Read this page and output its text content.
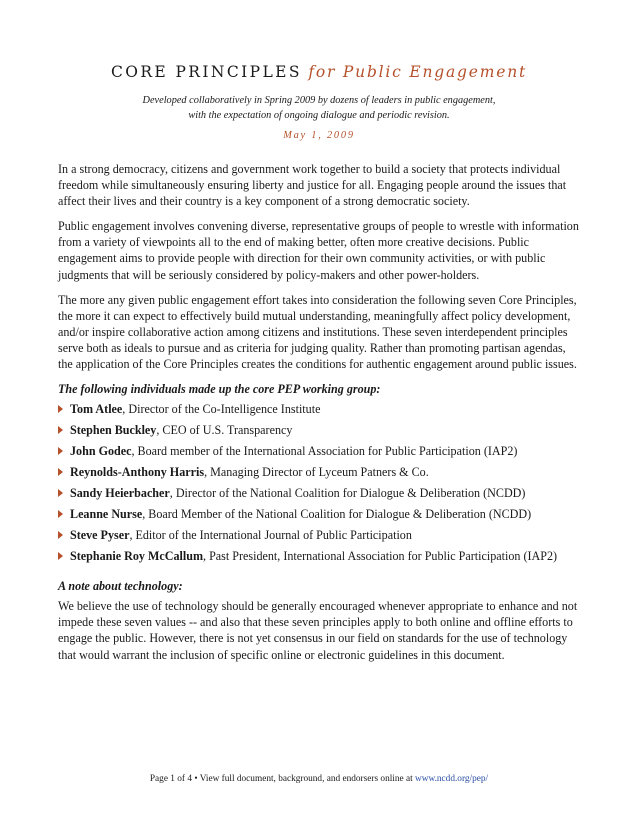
CORE PRINCIPLES for Public Engagement
Developed collaboratively in Spring 2009 by dozens of leaders in public engagement,
with the expectation of ongoing dialogue and periodic revision.
May 1, 2009

In a strong democracy, citizens and government work together to build a society that protects individual freedom while simultaneously ensuring liberty and justice for all. Engaging people around the issues that affect their lives and their country is a key component of a strong democratic society.

Public engagement involves convening diverse, representative groups of people to wrestle with information from a variety of viewpoints all to the end of making better, often more creative decisions. Public engagement aims to provide people with direction for their own community activities, or with public judgments that will be seriously considered by policy-makers and other power-holders.

The more any given public engagement effort takes into consideration the following seven Core Principles, the more it can expect to effectively build mutual understanding, meaningfully affect policy development, and/or inspire collaborative action among citizens and institutions. These seven interdependent principles serve both as ideals to pursue and as criteria for judging quality. Rather than promoting partisan agendas, the application of the Core Principles creates the conditions for authentic engagement around public issues.

The following individuals made up the core PEP working group:

Tom Atlee, Director of the Co-Intelligence Institute
Stephen Buckley, CEO of U.S. Transparency
John Godec, Board member of the International Association for Public Participation (IAP2)
Reynolds-Anthony Harris, Managing Director of Lyceum Patners & Co.
Sandy Heierbacher, Director of the National Coalition for Dialogue & Deliberation (NCDD)
Leanne Nurse, Board Member of the National Coalition for Dialogue & Deliberation (NCDD)
Steve Pyser, Editor of the International Journal of Public Participation
Stephanie Roy McCallum, Past President, International Association for Public Participation (IAP2)

A note about technology:

We believe the use of technology should be generally encouraged whenever appropriate to enhance and not impede these seven values -- and also that these seven principles apply to both online and offline efforts to engage the public. However, there is not yet consensus in our field on standards for the use of technology that would warrant the inclusion of specific online or electronic guidelines in this document.

Page 1 of 4 • View full document, background, and endorsers online at www.ncdd.org/pep/
